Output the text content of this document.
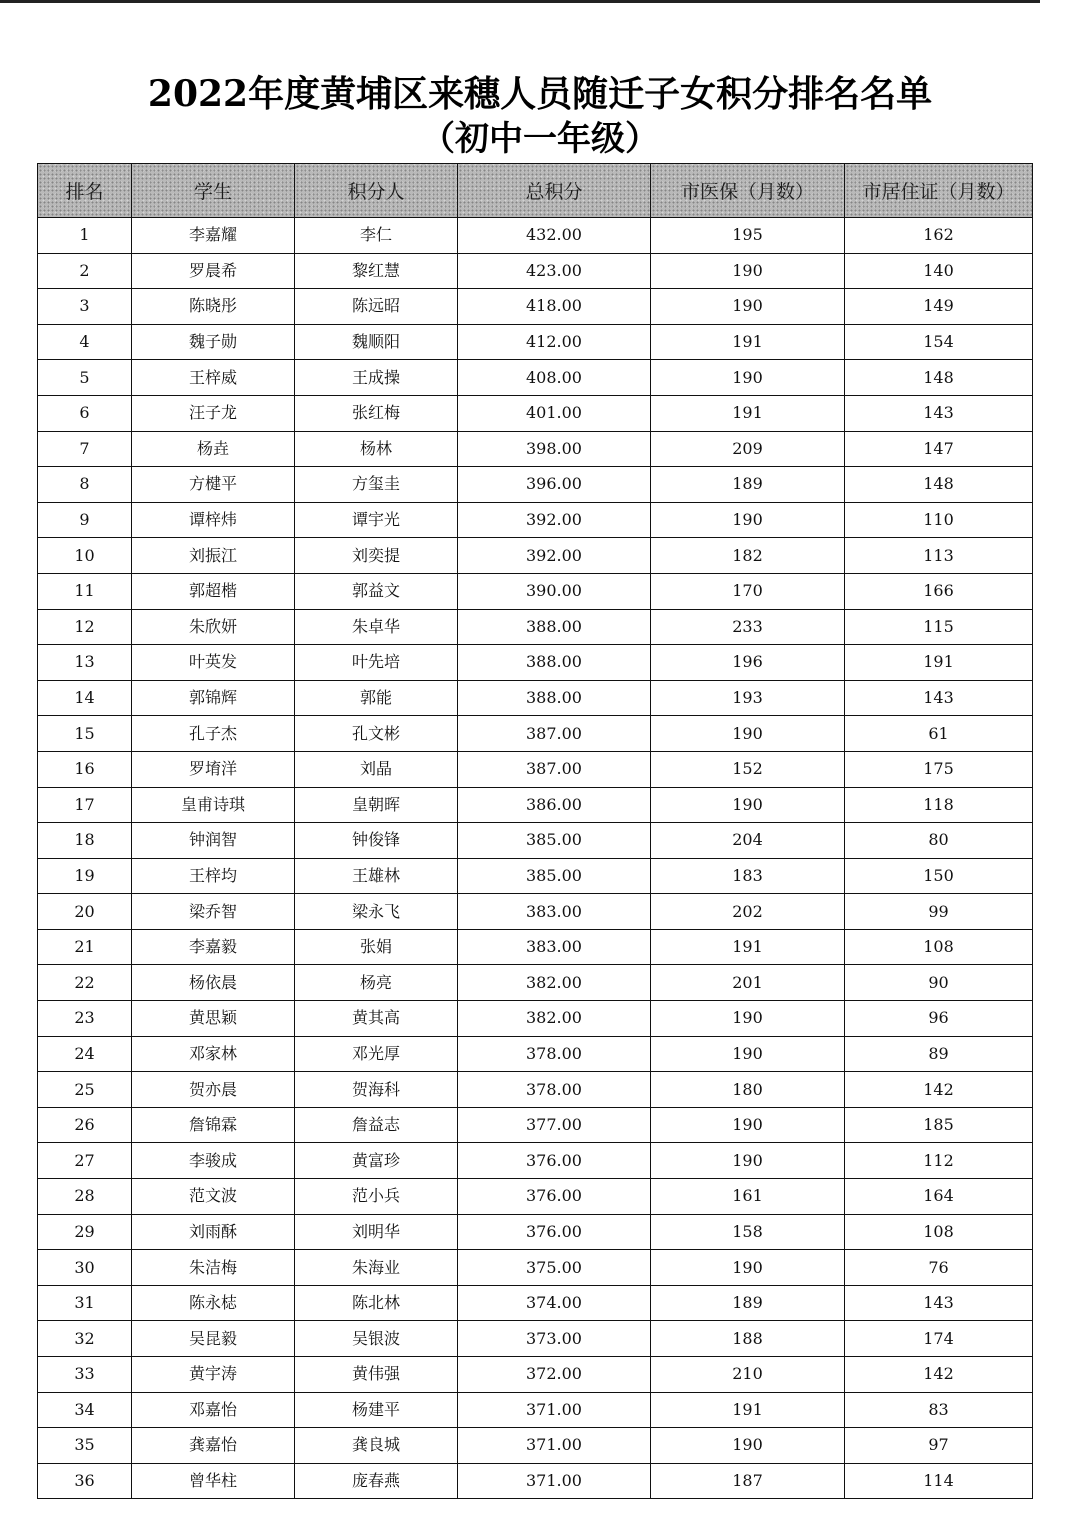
2022年度黄埔区来穗人员随迁子女积分排名名单
（初中一年级）
排名	学生	积分人	总积分	市医保（月数）	市居住证（月数）
1	李嘉耀	李仁	432.00	195	162
2	罗晨希	黎红慧	423.00	190	140
3	陈晓彤	陈远昭	418.00	190	149
4	魏子勋	魏顺阳	412.00	191	154
5	王梓威	王成操	408.00	190	148
6	汪子龙	张红梅	401.00	191	143
7	杨垚	杨林	398.00	209	147
8	方楗平	方玺圭	396.00	189	148
9	谭梓炜	谭宇光	392.00	190	110
10	刘振江	刘奕提	392.00	182	113
11	郭超楷	郭益文	390.00	170	166
12	朱欣妍	朱卓华	388.00	233	115
13	叶英发	叶先培	388.00	196	191
14	郭锦辉	郭能	388.00	193	143
15	孔子杰	孔文彬	387.00	190	61
16	罗堉洋	刘晶	387.00	152	175
17	皇甫诗琪	皇朝晖	386.00	190	118
18	钟润智	钟俊锋	385.00	204	80
19	王梓均	王雄林	385.00	183	150
20	梁乔智	梁永飞	383.00	202	99
21	李嘉毅	张娟	383.00	191	108
22	杨依晨	杨亮	382.00	201	90
23	黄思颖	黄其高	382.00	190	96
24	邓家林	邓光厚	378.00	190	89
25	贺亦晨	贺海科	378.00	180	142
26	詹锦霖	詹益志	377.00	190	185
27	李骏成	黄富珍	376.00	190	112
28	范文波	范小兵	376.00	161	164
29	刘雨酥	刘明华	376.00	158	108
30	朱洁梅	朱海业	375.00	190	76
31	陈永梽	陈北林	374.00	189	143
32	吴昆毅	吴银波	373.00	188	174
33	黄宇涛	黄伟强	372.00	210	142
34	邓嘉怡	杨建平	371.00	191	83
35	龚嘉怡	龚良城	371.00	190	97
36	曾华柱	庞春燕	371.00	187	114
